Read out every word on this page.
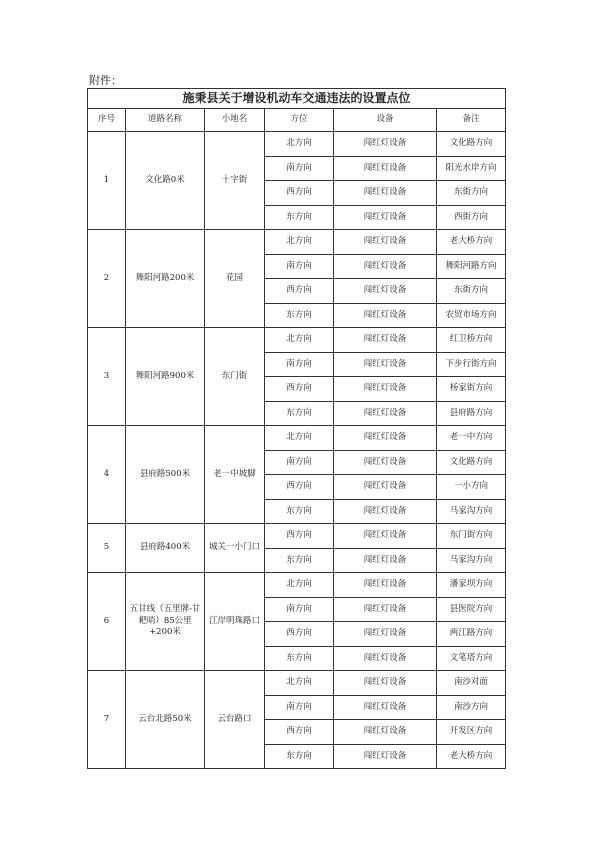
附件：
施秉县关于增设机动车交通违法的设置点位					
序号	道路名称	小地名	方位	设备	备注
1	文化路0米	十字街	北方向	闯红灯设备	文化路方向
			南方向	闯红灯设备	阳光水岸方向
			西方向	闯红灯设备	东街方向
			东方向	闯红灯设备	西街方向
2	舞阳河路200米	花园	北方向	闯红灯设备	老大桥方向
			南方向	闯红灯设备	舞阳河路方向
			西方向	闯红灯设备	东街方向
			东方向	闯红灯设备	农贸市场方向
3	舞阳河路900米	东门街	北方向	闯红灯设备	红卫桥方向
			南方向	闯红灯设备	下步行街方向
			西方向	闯红灯设备	杨家街方向
			东方向	闯红灯设备	县府路方向
4	县府路500米	老一中坡脚	北方向	闯红灯设备	老一中方向
			南方向	闯红灯设备	文化路方向
			西方向	闯红灯设备	一小方向
			东方向	闯红灯设备	马家沟方向
5	县府路400米	城关一小门口	西方向	闯红灯设备	东门街方向
			东方向	闯红灯设备	马家沟方向
6	五甘线（五里牌-甘耙哨）85公里+200米	江岸明珠路口	北方向	闯红灯设备	潘家坝方向
			南方向	闯红灯设备	县医院方向
			西方向	闯红灯设备	两江路方向
			东方向	闯红灯设备	文笔塔方向
7	云台北路50米	云台路口	北方向	闯红灯设备	南沙对面
			南方向	闯红灯设备	南沙方向
			西方向	闯红灯设备	开发区方向
			东方向	闯红灯设备	老大桥方向
